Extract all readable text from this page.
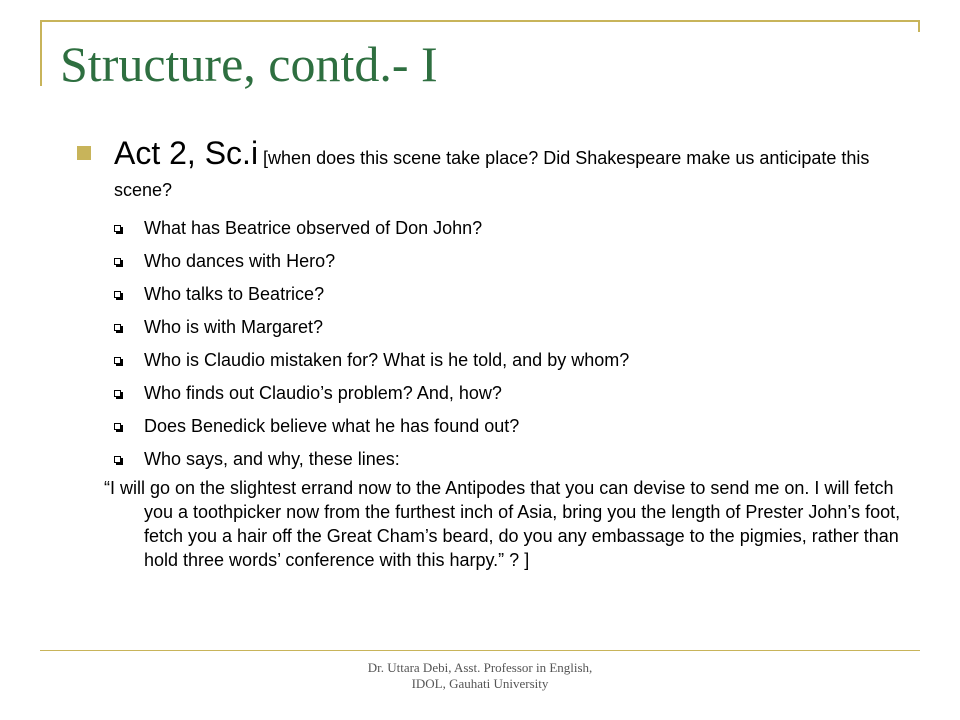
Structure, contd.- I
Act 2, Sc.i [when does this scene take place? Did Shakespeare make us anticipate this scene?
What has Beatrice observed of Don John?
Who dances with Hero?
Who talks to Beatrice?
Who is with Margaret?
Who is Claudio mistaken for? What is he told, and by whom?
Who finds out Claudio’s problem? And, how?
Does Benedick believe what he has found out?
Who says, and why, these lines:

“I will go on the slightest errand now to the Antipodes that you can devise to send me on. I will fetch you a toothpicker now from the furthest inch of Asia, bring you the length of Prester John’s foot, fetch you a hair off the Great Cham’s beard, do you any embassage to the pigmies, rather than hold three words’ conference with this harpy.” ? ]

Dr. Uttara Debi, Asst. Professor in English,
IDOL, Gauhati University
